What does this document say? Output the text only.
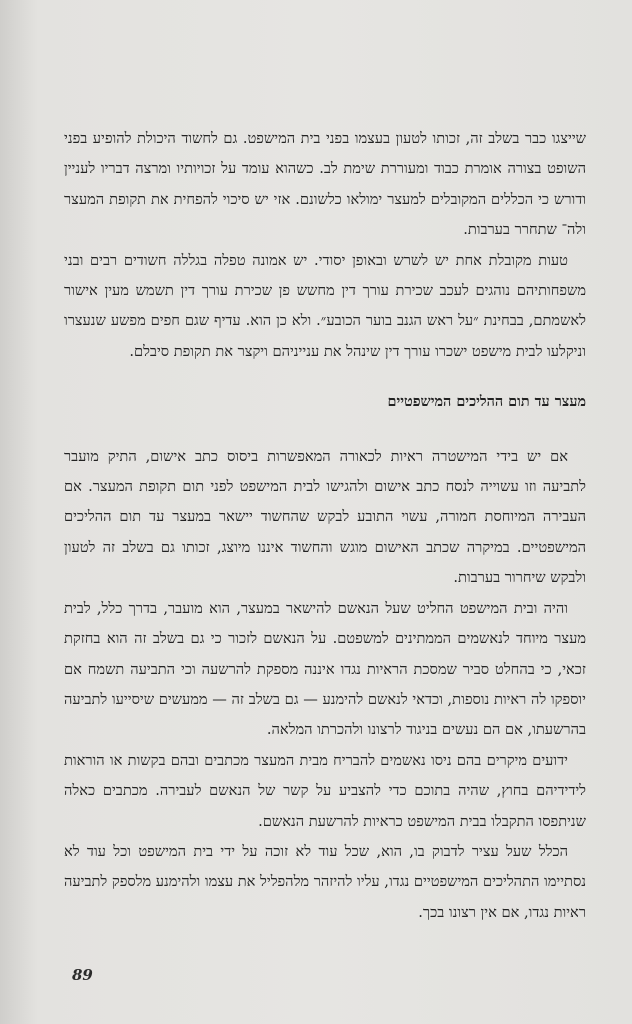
שייצגו כבר בשלב זה, זכותו לטעון בעצמו בפני בית המישפט. גם לחשוד היכולת להופיע בפני השופט בצורה אומרת כבוד ומעוררת שימת לב. כשהוא עומד על זכויותיו ומרצה דבריו לעניין ודורש כי הכללים המקובלים למעצר ימולאו כלשונם. אזי יש סיכוי להפחית את תקופת המעצר ולה־ שתחרר בערבות.

טעות מקובלת אחת יש לשרש ובאופן יסודי. יש אמונה טפלה בגללה חשודים רבים ובני משפחותיהם נוהגים לעכב שכירת עורך דין מחשש פן שכירת עורך דין תשמש מעין אישור לאשמתם, בבחינת ״על ראש הגנב בוער הכובע״. ולא כן הוא. עדיף שגם חפים מפשע שנעצרו וניקלעו לבית מישפט ישכרו עורך דין שינהל את ענייניהם ויקצר את תקופת סיבלם.

מעצר עד תום ההליכים המישפטיים

אם יש בידי המישטרה ראיות לכאורה המאפשרות ביסוס כתב אישום, התיק מועבר לתביעה וזו עשוייה לנסח כתב אישום ולהגישו לבית המישפט לפני תום תקופת המעצר. אם העבירה המיוחסת חמורה, עשוי התובע לבקש שהחשוד יישאר במעצר עד תום ההליכים המישפטיים. במיקרה שכתב האישום מוגש והחשוד איננו מיוצג, זכותו גם בשלב זה לטעון ולבקש שיחרור בערבות.

והיה ובית המישפט החליט שעל הנאשם להישאר במעצר, הוא מועבר, בדרך כלל, לבית מעצר מיוחד לנאשמים הממתינים למשפטם. על הנאשם לזכור כי גם בשלב זה הוא בחזקת זכאי, כי בהחלט סביר שמסכת הראיות נגדו איננה מספקת להרשעה וכי התביעה תשמח אם יוספקו לה ראיות נוספות, וכדאי לנאשם להימנע — גם בשלב זה — ממעשים שיסייעו לתביעה בהרשעתו, אם הם נעשים בניגוד לרצונו ולהכרתו המלאה.

ידועים מיקרים בהם ניסו נאשמים להבריח מבית המעצר מכתבים ובהם בקשות או הוראות לידידיהם בחוץ, שהיה בתוכם כדי להצביע על קשר של הנאשם לעבירה. מכתבים כאלה שניתפסו התקבלו בבית המישפט כראיות להרשעת הנאשם.

הכלל שעל עציר לדבוק בו, הוא, שכל עוד לא זוכה על ידי בית המישפט וכל עוד לא נסתיימו התהליכים המישפטיים נגדו, עליו להיזהר מלהפליל את עצמו ולהימנע מלספק לתביעה ראיות נגדו, אם אין רצונו בכך.

89
